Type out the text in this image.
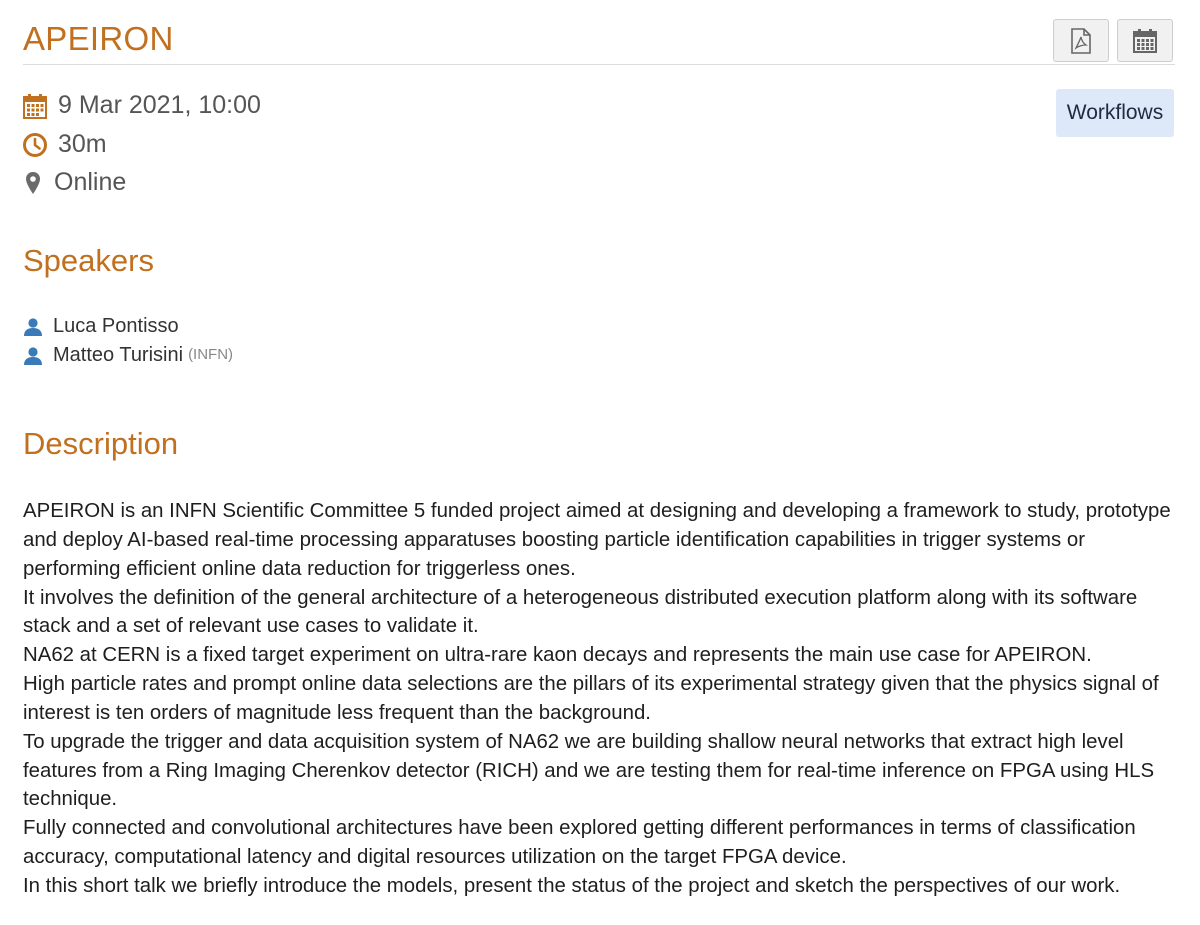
APEIRON
9 Mar 2021, 10:00
30m
Online
Workflows
Speakers
Luca Pontisso
Matteo Turisini (INFN)
Description

APEIRON is an INFN Scientific Committee 5 funded project aimed at designing and developing a framework to study, prototype and deploy AI-based real-time processing apparatuses boosting particle identification capabilities in trigger systems or performing efficient online data reduction for triggerless ones.

It involves the definition of the general architecture of a heterogeneous distributed execution platform along with its software stack and a set of relevant use cases to validate it.

NA62 at CERN is a fixed target experiment on ultra-rare kaon decays and represents the main use case for APEIRON.

High particle rates and prompt online data selections are the pillars of its experimental strategy given that the physics signal of interest is ten orders of magnitude less frequent than the background.

To upgrade the trigger and data acquisition system of NA62 we are building shallow neural networks that extract high level features from a Ring Imaging Cherenkov detector (RICH) and we are testing them for real-time inference on FPGA using HLS technique.

Fully connected and convolutional architectures have been explored getting different performances in terms of classification accuracy, computational latency and digital resources utilization on the target FPGA device.

In this short talk we briefly introduce the models, present the status of the project and sketch the perspectives of our work.
